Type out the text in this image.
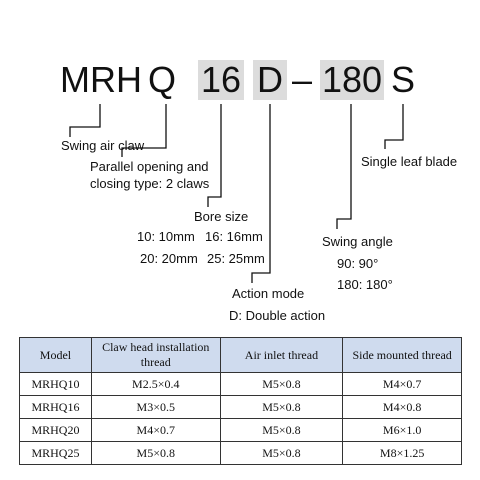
MRH Q 16 D – 180 S
Swing air claw
Parallel opening and
closing type: 2 claws
Bore size
10: 10mm 16: 16mm
20: 20mm 25: 25mm
Swing angle
90: 90°
180: 180°
Action mode
D: Double action
Single leaf blade
Model	Claw head installation thread	Air inlet thread	Side mounted thread
MRHQ10	M2.5×0.4	M5×0.8	M4×0.7
MRHQ16	M3×0.5	M5×0.8	M4×0.8
MRHQ20	M4×0.7	M5×0.8	M6×1.0
MRHQ25	M5×0.8	M5×0.8	M8×1.25
